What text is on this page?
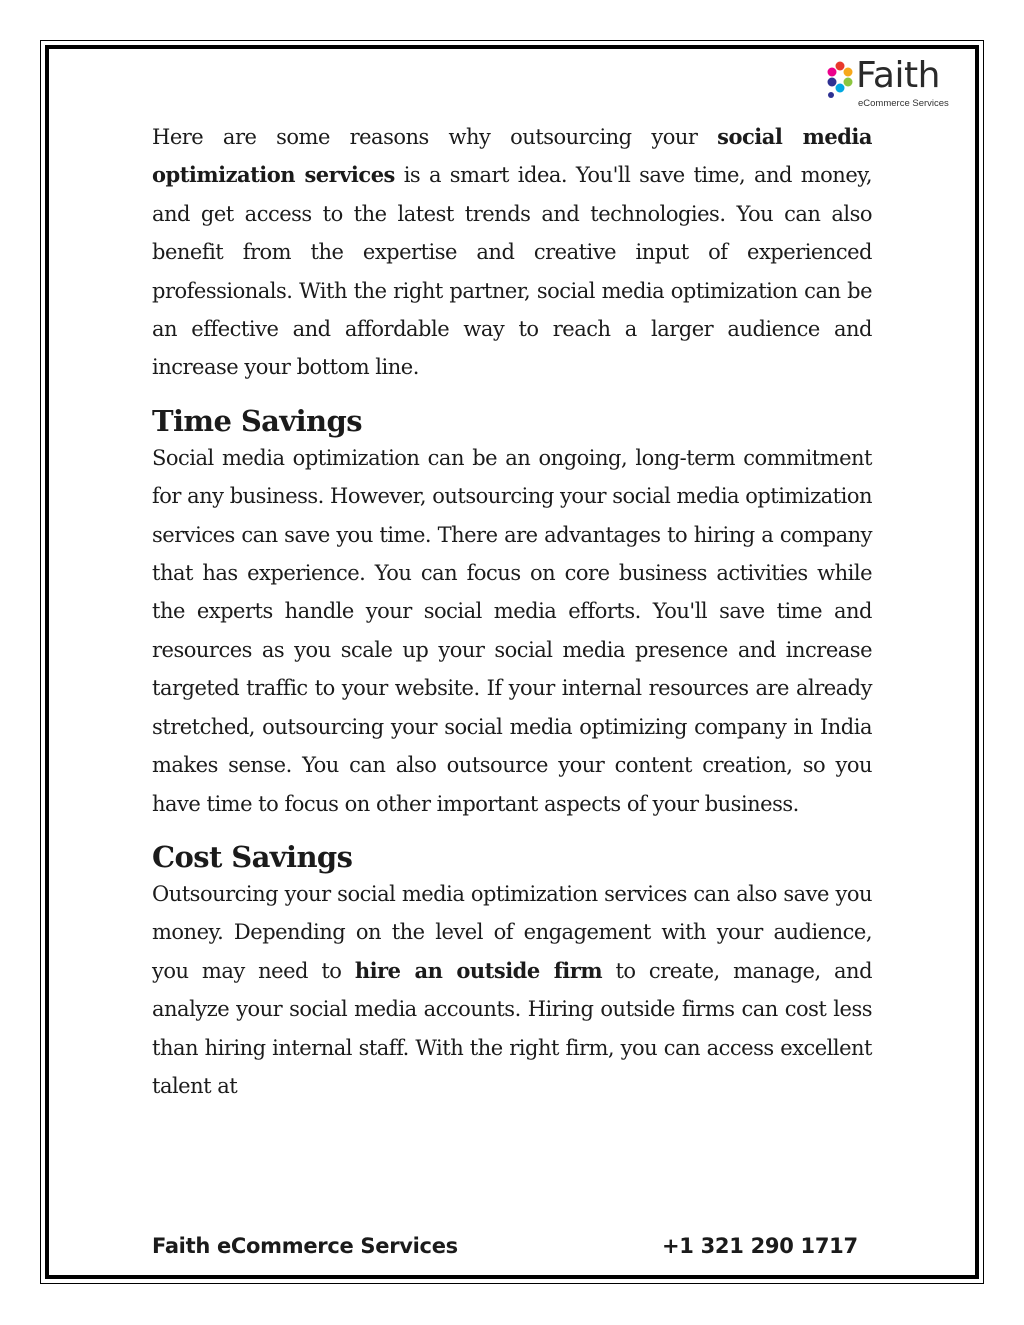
Faith
eCommerce Services

Here are some reasons why outsourcing your social media optimization services is a smart idea. You'll save time, and money, and get access to the latest trends and technologies. You can also benefit from the expertise and creative input of experienced professionals. With the right partner, social media optimization can be an effective and affordable way to reach a larger audience and increase your bottom line.

Time Savings

Social media optimization can be an ongoing, long-term commitment for any business. However, outsourcing your social media optimization services can save you time. There are advantages to hiring a company that has experience. You can focus on core business activities while the experts handle your social media efforts. You'll save time and resources as you scale up your social media presence and increase targeted traffic to your website. If your internal resources are already stretched, outsourcing your social media optimizing company in India makes sense. You can also outsource your content creation, so you have time to focus on other important aspects of your business.

Cost Savings

Outsourcing your social media optimization services can also save you money. Depending on the level of engagement with your audience, you may need to hire an outside firm to create, manage, and analyze your social media accounts. Hiring outside firms can cost less than hiring internal staff. With the right firm, you can access excellent talent at

Faith eCommerce Services	+1 321 290 1717
